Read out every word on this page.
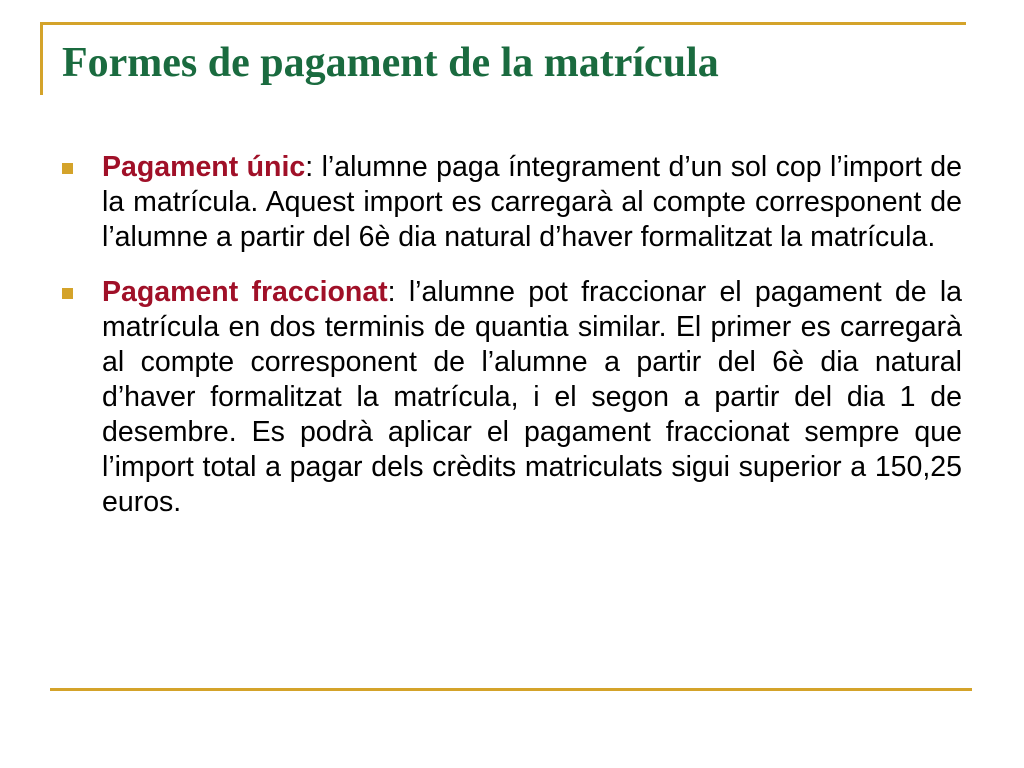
Formes de pagament de la matrícula
Pagament únic: l’alumne paga íntegrament d’un sol cop l’import de la matrícula. Aquest import es carregarà al compte corresponent de l’alumne a partir del 6è dia natural d’haver formalitzat la matrícula.
Pagament fraccionat: l’alumne pot fraccionar el pagament de la matrícula en dos terminis de quantia similar. El primer es carregarà al compte corresponent de l’alumne a partir del 6è dia natural d’haver formalitzat la matrícula, i el segon a partir del dia 1 de desembre. Es podrà aplicar el pagament fraccionat sempre que l’import total a pagar dels crèdits matriculats sigui superior a 150,25 euros.
